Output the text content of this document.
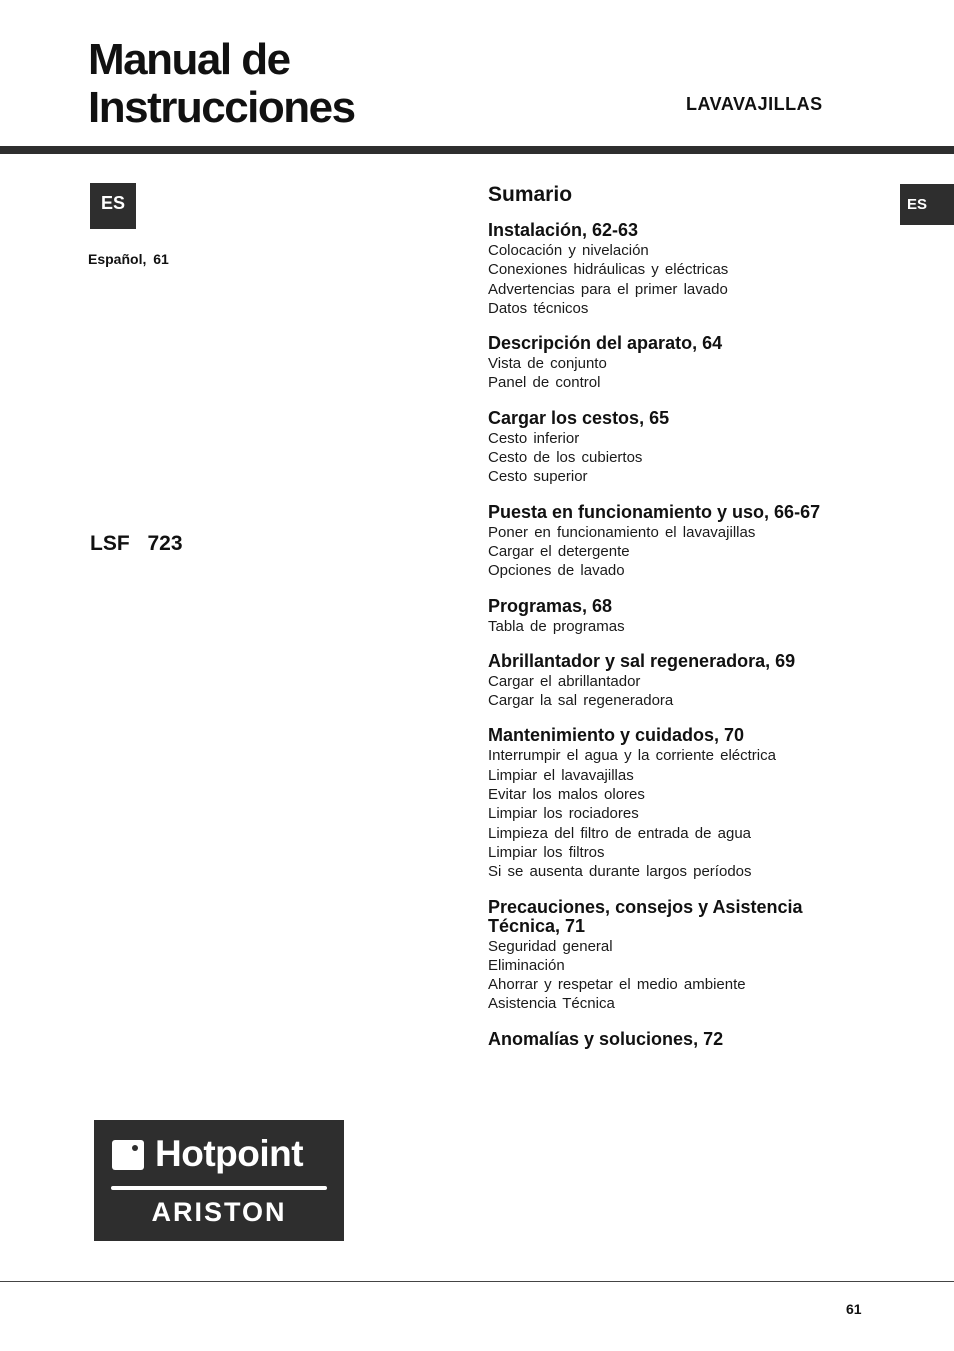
Manual de
Instrucciones	LAVAVAJILLAS
ES
Español, 61
LSF 723
ES
Sumario
Instalación, 62-63
Colocación y nivelación
Conexiones hidráulicas y eléctricas
Advertencias para el primer lavado
Datos técnicos
Descripción del aparato, 64
Vista de conjunto
Panel de control
Cargar los cestos, 65
Cesto inferior
Cesto de los cubiertos
Cesto superior
Puesta en funcionamiento y uso, 66-67
Poner en funcionamiento el lavavajillas
Cargar el detergente
Opciones de lavado
Programas, 68
Tabla de programas
Abrillantador y sal regeneradora, 69
Cargar el abrillantador
Cargar la sal regeneradora
Mantenimiento y cuidados, 70
Interrumpir el agua y la corriente eléctrica
Limpiar el lavavajillas
Evitar los malos olores
Limpiar los rociadores
Limpieza del filtro de entrada de agua
Limpiar los filtros
Si se ausenta durante largos períodos
Precauciones, consejos y Asistencia Técnica, 71
Seguridad general
Eliminación
Ahorrar y respetar el medio ambiente
Asistencia Técnica
Anomalías y soluciones, 72
Hotpoint
ARISTON
61
